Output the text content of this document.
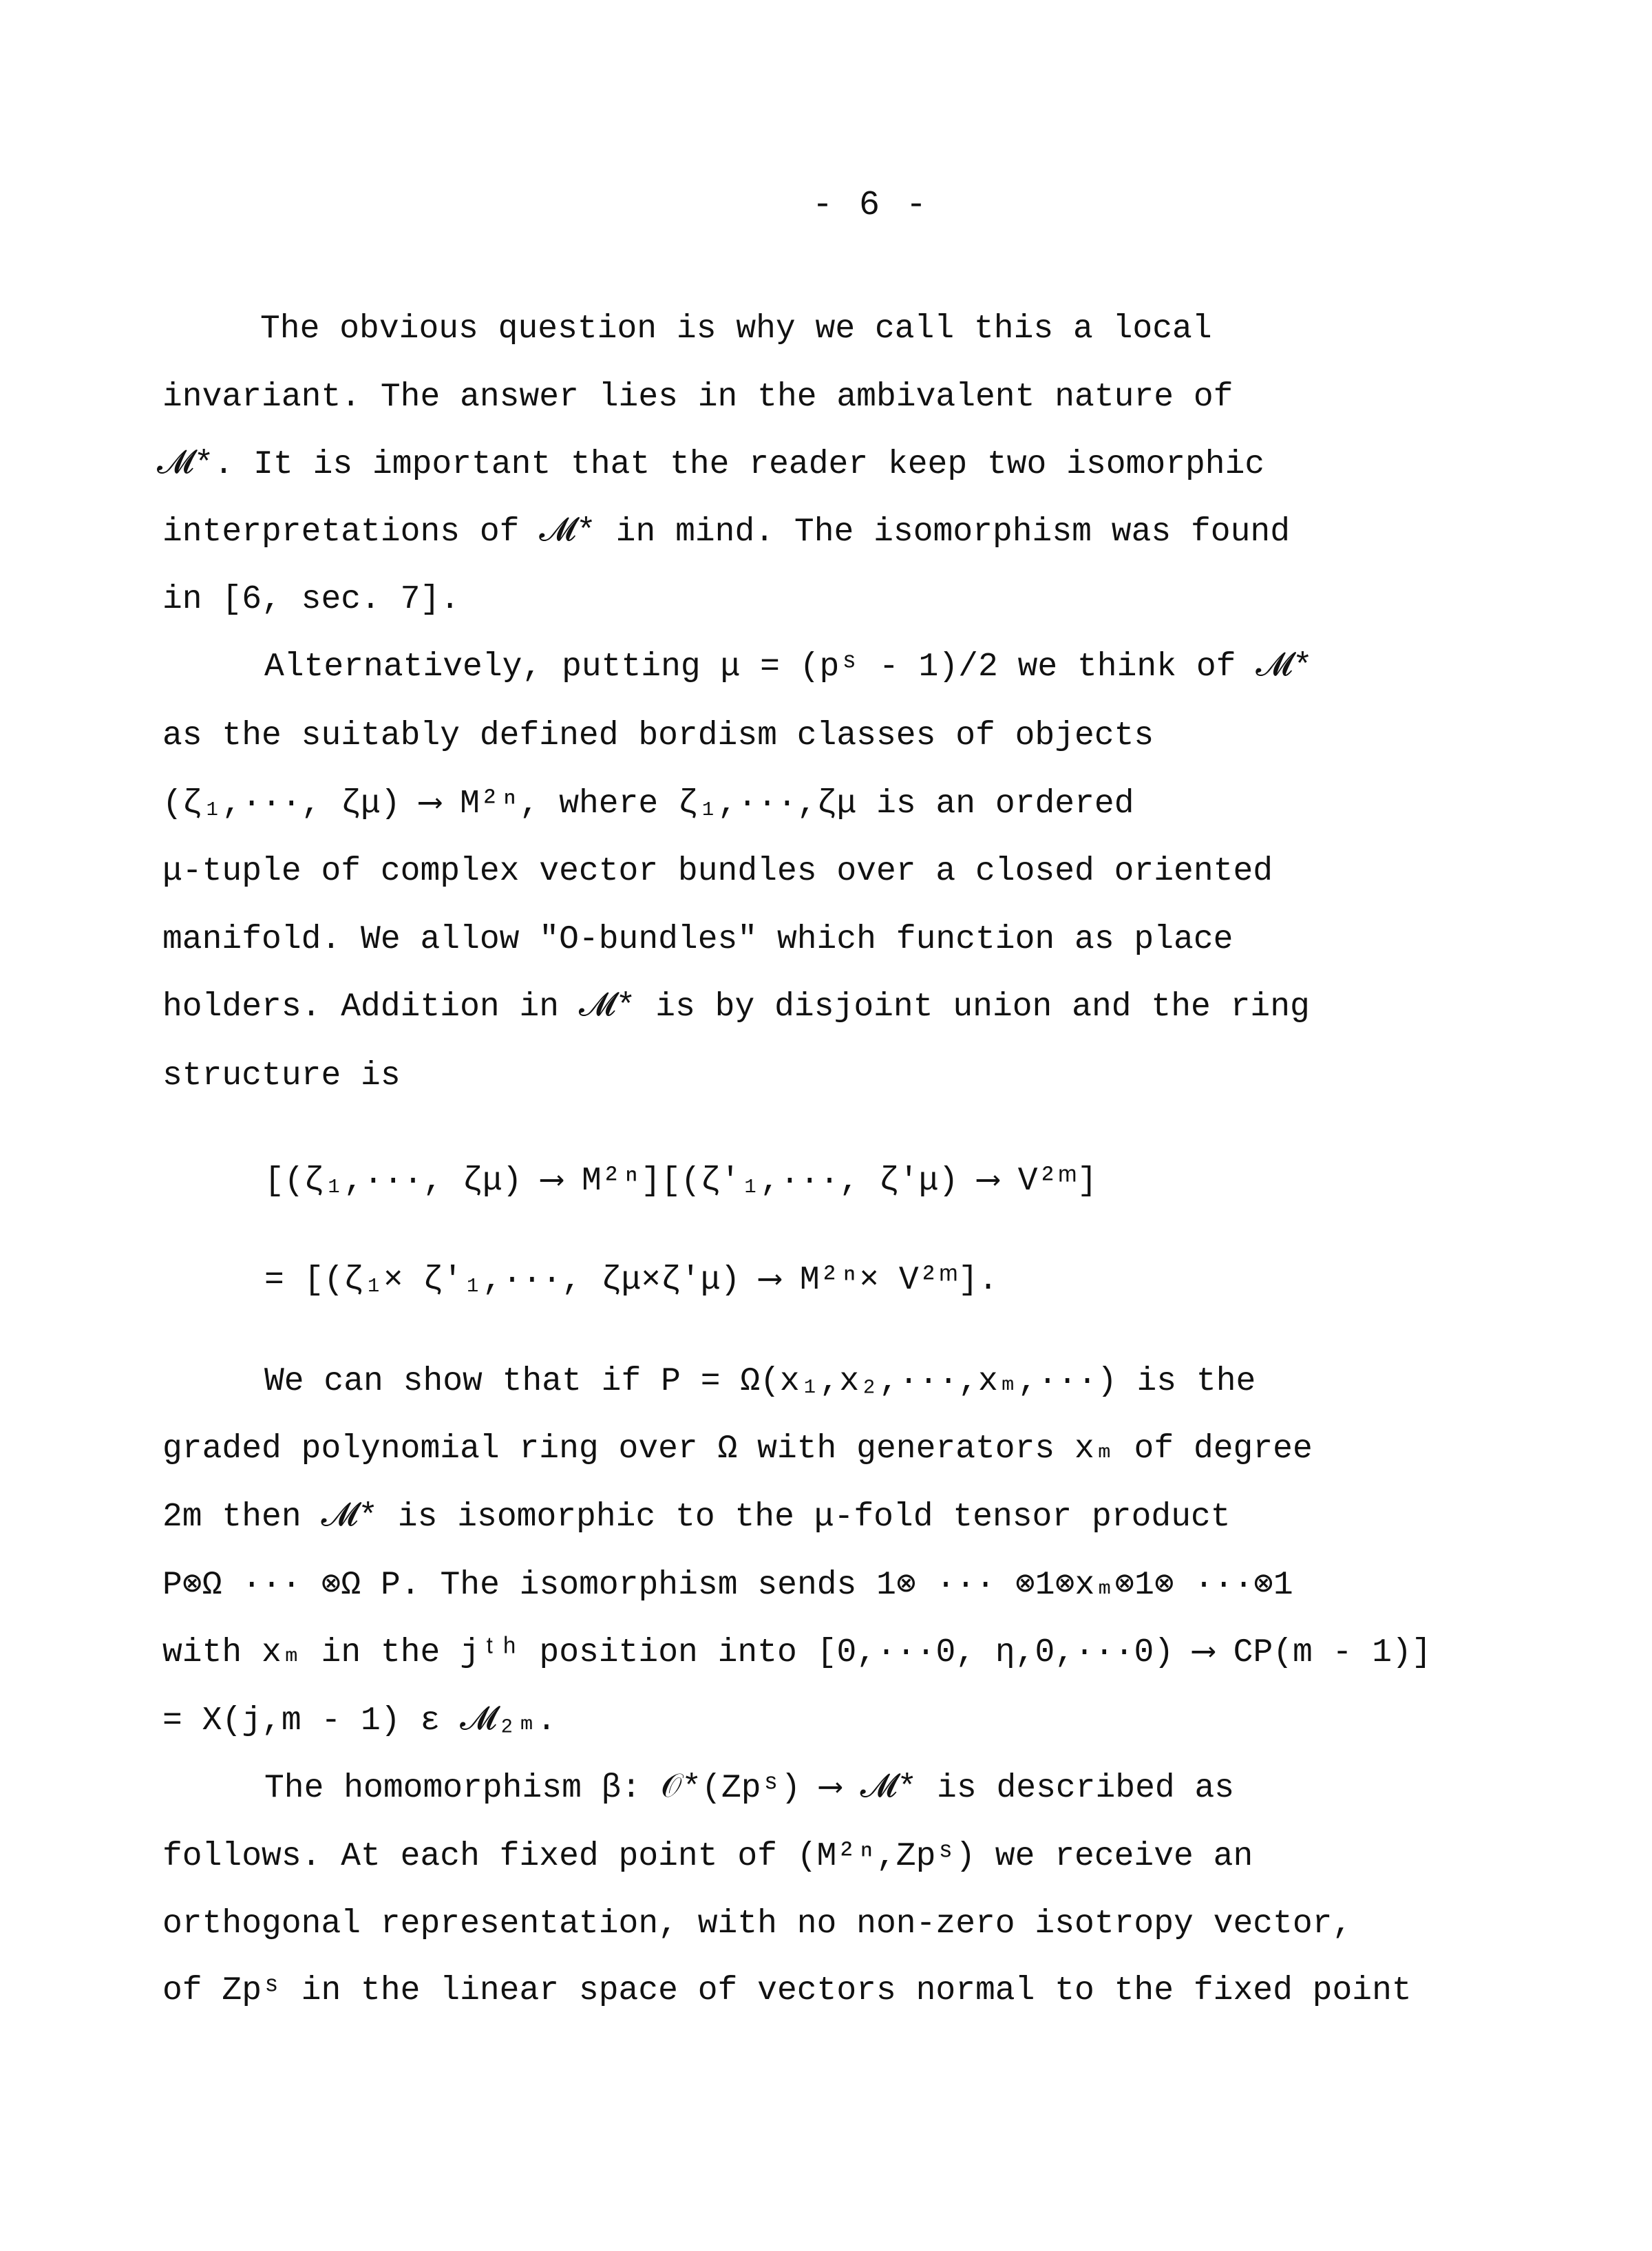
- 6 -
The obvious question is why we call this a local
invariant. The answer lies in the ambivalent nature of
𝓜*. It is important that the reader keep two isomorphic
interpretations of 𝓜* in mind. The isomorphism was found
in [6, sec. 7].
Alternatively, putting μ = (pˢ - 1)/2 we think of 𝓜*
as the suitably defined bordism classes of objects
(ζ₁,···, ζμ) ⟶ M²ⁿ, where ζ₁,···,ζμ is an ordered
μ-tuple of complex vector bundles over a closed oriented
manifold. We allow "O-bundles" which function as place
holders. Addition in 𝓜* is by disjoint union and the ring
structure is
[(ζ₁,···, ζμ) ⟶ M²ⁿ][(ζ'₁,···, ζ'μ) ⟶ V²ᵐ]
= [(ζ₁× ζ'₁,···, ζμ×ζ'μ) ⟶ M²ⁿ× V²ᵐ].
We can show that if P = Ω(x₁,x₂,···,xₘ,···) is the
graded polynomial ring over Ω with generators xₘ of degree
2m then 𝓜* is isomorphic to the μ-fold tensor product
P⊗Ω ··· ⊗Ω P. The isomorphism sends 1⊗ ··· ⊗1⊗xₘ⊗1⊗ ···⊗1
with xₘ in the jᵗʰ position into [0,···0, η,0,···0) ⟶ CP(m - 1)]
= X(j,m - 1) ε 𝓜₂ₘ.
The homomorphism β: 𝒪*(Zpˢ) ⟶ 𝓜* is described as
follows. At each fixed point of (M²ⁿ,Zpˢ) we receive an
orthogonal representation, with no non-zero isotropy vector,
of Zpˢ in the linear space of vectors normal to the fixed point
